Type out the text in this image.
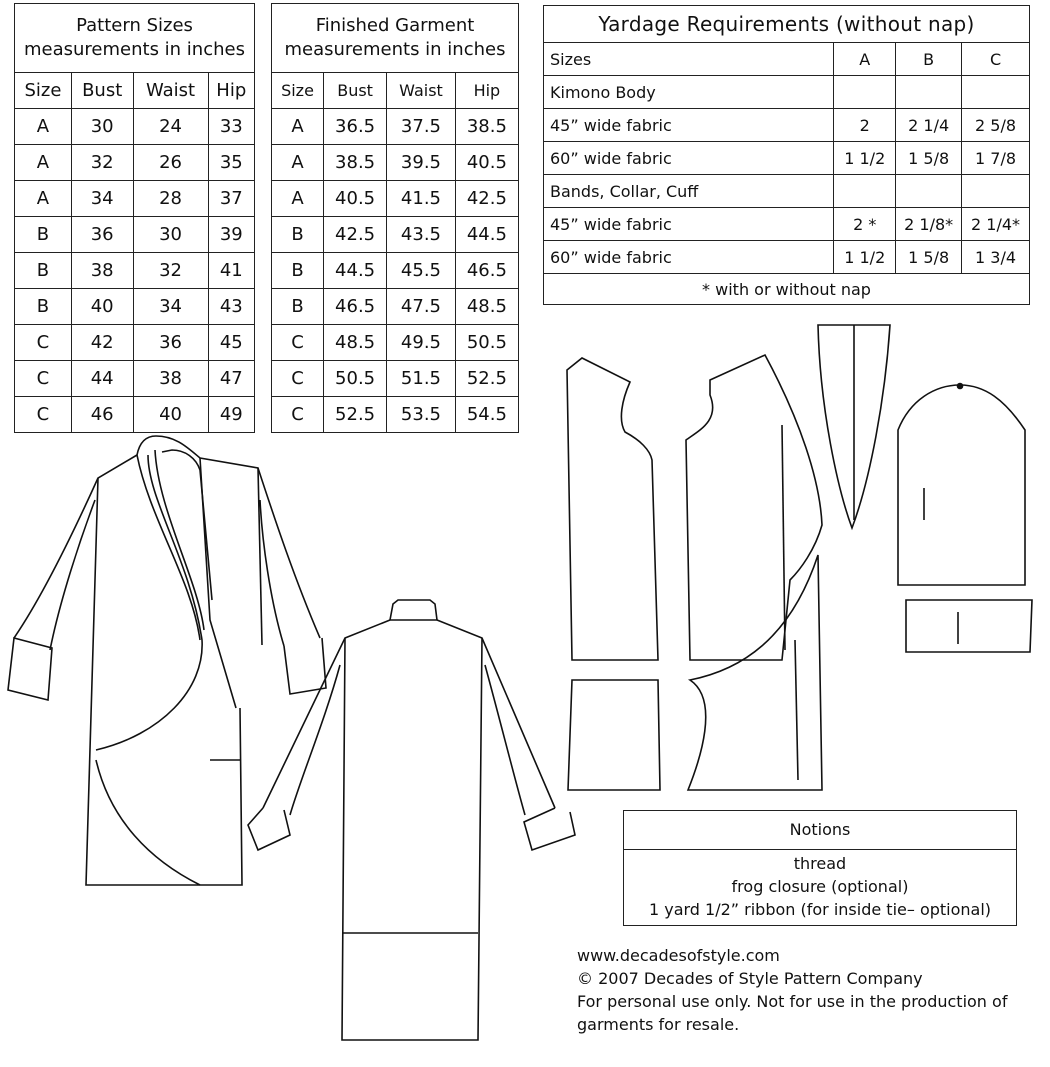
Pattern Sizes
measurements in inches			
Size	Bust	Waist	Hip
A	30	24	33
A	32	26	35
A	34	28	37
B	36	30	39
B	38	32	41
B	40	34	43
C	42	36	45
C	44	38	47
C	46	40	49
Finished Garment
measurements in inches			
Size	Bust	Waist	Hip
A	36.5	37.5	38.5
A	38.5	39.5	40.5
A	40.5	41.5	42.5
B	42.5	43.5	44.5
B	44.5	45.5	46.5
B	46.5	47.5	48.5
C	48.5	49.5	50.5
C	50.5	51.5	52.5
C	52.5	53.5	54.5
Yardage Requirements (without nap)			
Sizes	A	B	C
Kimono Body			
45” wide fabric	2	2 1/4	2 5/8
60” wide fabric	1 1/2	1 5/8	1 7/8
Bands, Collar, Cuff			
45” wide fabric	2 *	2 1/8*	2 1/4*
60” wide fabric	1 1/2	1 5/8	1 3/4
* with or without nap			
Notions
thread
frog closure (optional)
1 yard 1/2” ribbon (for inside tie– optional)
www.decadesofstyle.com
© 2007 Decades of Style Pattern Company
For personal use only. Not for use in the production of
garments for resale.
